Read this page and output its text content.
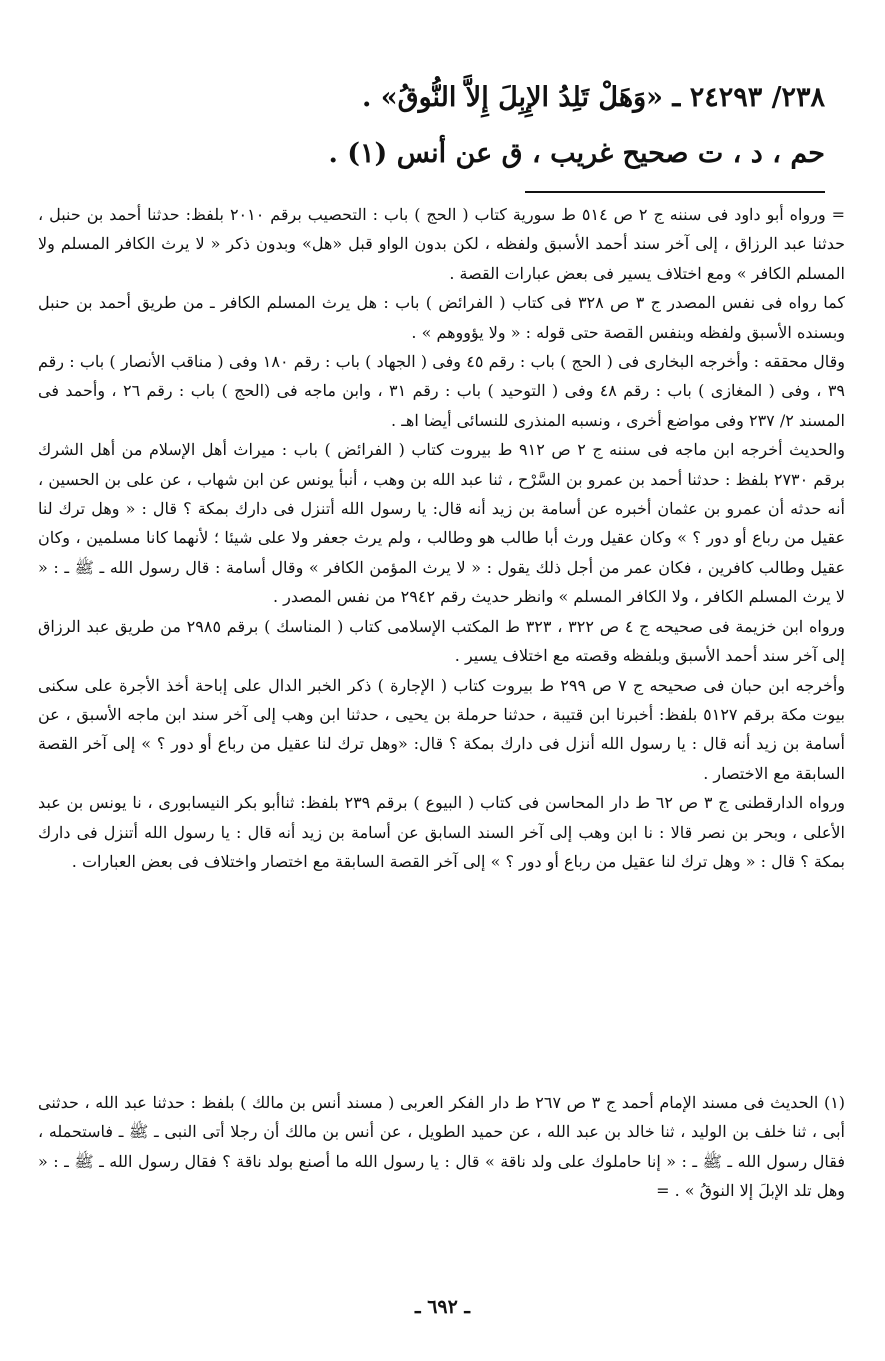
٢٣٨/ ٢٤٢٩٣ ـ «وَهَلْ تَلِدُ الإِبِلَ إِلاَّ النُّوقُ» .
حم ، د ، ت صحيح غريب ، ق عن أنس (١) .

= ورواه أبو داود فى سننه ج ٢ ص ٥١٤ ط سورية كتاب ( الحج ) باب : التحصيب برقم ٢٠١٠ بلفظ: حدثنا أحمد بن حنبل ، حدثنا عبد الرزاق ، إلى آخر سند أحمد الأسبق ولفظه ، لكن بدون الواو قبل «هل» وبدون ذكر « لا يرث الكافر المسلم ولا المسلم الكافر » ومع اختلاف يسير فى بعض عبارات القصة .

كما رواه فى نفس المصدر ج ٣ ص ٣٢٨ فى كتاب ( الفرائض ) باب : هل يرث المسلم الكافر ـ من طريق أحمد بن حنبل وبسنده الأسبق ولفظه وبنفس القصة حتى قوله : « ولا يؤووهم » .

وقال محققه : وأخرجه البخارى فى ( الحج ) باب : رقم ٤٥ وفى ( الجهاد ) باب : رقم ١٨٠ وفى ( مناقب الأنصار ) باب : رقم ٣٩ ، وفى ( المغازى ) باب : رقم ٤٨ وفى ( التوحيد ) باب : رقم ٣١ ، وابن ماجه فى (الحج ) باب : رقم ٢٦ ، وأحمد فى المسند ٢/ ٢٣٧ وفى مواضع أخرى ، ونسبه المنذرى للنسائى أيضا اهـ .

والحديث أخرجه ابن ماجه فى سننه ج ٢ ص ٩١٢ ط بيروت كتاب ( الفرائض ) باب : ميراث أهل الإسلام من أهل الشرك برقم ٢٧٣٠ بلفظ : حدثنا أحمد بن عمرو بن السَّرْح ، ثنا عبد الله بن وهب ، أنبأ يونس عن ابن شهاب ، عن على بن الحسين ، أنه حدثه أن عمرو بن عثمان أخبره عن أسامة بن زيد أنه قال: يا رسول الله أتنزل فى دارك بمكة ؟ قال : « وهل ترك لنا عقيل من رباع أو دور ؟ » وكان عقيل ورث أبا طالب هو وطالب ، ولم يرث جعفر ولا على شيئا ؛ لأنهما كانا مسلمين ، وكان عقيل وطالب كافرين ، فكان عمر من أجل ذلك يقول : « لا يرث المؤمن الكافر » وقال أسامة : قال رسول الله ـ ﷺ ـ : « لا يرث المسلم الكافر ، ولا الكافر المسلم » وانظر حديث رقم ٢٩٤٢ من نفس المصدر .

ورواه ابن خزيمة فى صحيحه ج ٤ ص ٣٢٢ ، ٣٢٣ ط المكتب الإسلامى كتاب ( المناسك ) برقم ٢٩٨٥ من طريق عبد الرزاق إلى آخر سند أحمد الأسبق وبلفظه وقصته مع اختلاف يسير .

وأخرجه ابن حبان فى صحيحه ج ٧ ص ٢٩٩ ط بيروت كتاب ( الإجارة ) ذكر الخبر الدال على إباحة أخذ الأجرة على سكنى بيوت مكة برقم ٥١٢٧ بلفظ: أخبرنا ابن قتيبة ، حدثنا حرملة بن يحيى ، حدثنا ابن وهب إلى آخر سند ابن ماجه الأسبق ، عن أسامة بن زيد أنه قال : يا رسول الله أنزل فى دارك بمكة ؟ قال: «وهل ترك لنا عقيل من رباع أو دور ؟ » إلى آخر القصة السابقة مع الاختصار .

ورواه الدارقطنى ج ٣ ص ٦٢ ط دار المحاسن فى كتاب ( البيوع ) برقم ٢٣٩ بلفظ: ثناأبو بكر النيسابورى ، نا يونس بن عبد الأعلى ، وبحر بن نصر قالا : نا ابن وهب إلى آخر السند السابق عن أسامة بن زيد أنه قال : يا رسول الله أتنزل فى دارك بمكة ؟ قال : « وهل ترك لنا عقيل من رباع أو دور ؟ » إلى آخر القصة السابقة مع اختصار واختلاف فى بعض العبارات .

(١) الحديث فى مسند الإمام أحمد ج ٣ ص ٢٦٧ ط دار الفكر العربى ( مسند أنس بن مالك ) بلفظ : حدثنا عبد الله ، حدثنى أبى ، ثنا خلف بن الوليد ، ثنا خالد بن عبد الله ، عن حميد الطويل ، عن أنس بن مالك أن رجلا أتى النبى ـ ﷺ ـ فاستحمله ، فقال رسول الله ـ ﷺ ـ : « إنا حاملوك على ولد ناقة » قال : يا رسول الله ما أصنع بولد ناقة ؟ فقال رسول الله ـ ﷺ ـ : « وهل تلد الإبلَ إلا النوقُ » . =

ـ ٦٩٢ ـ
